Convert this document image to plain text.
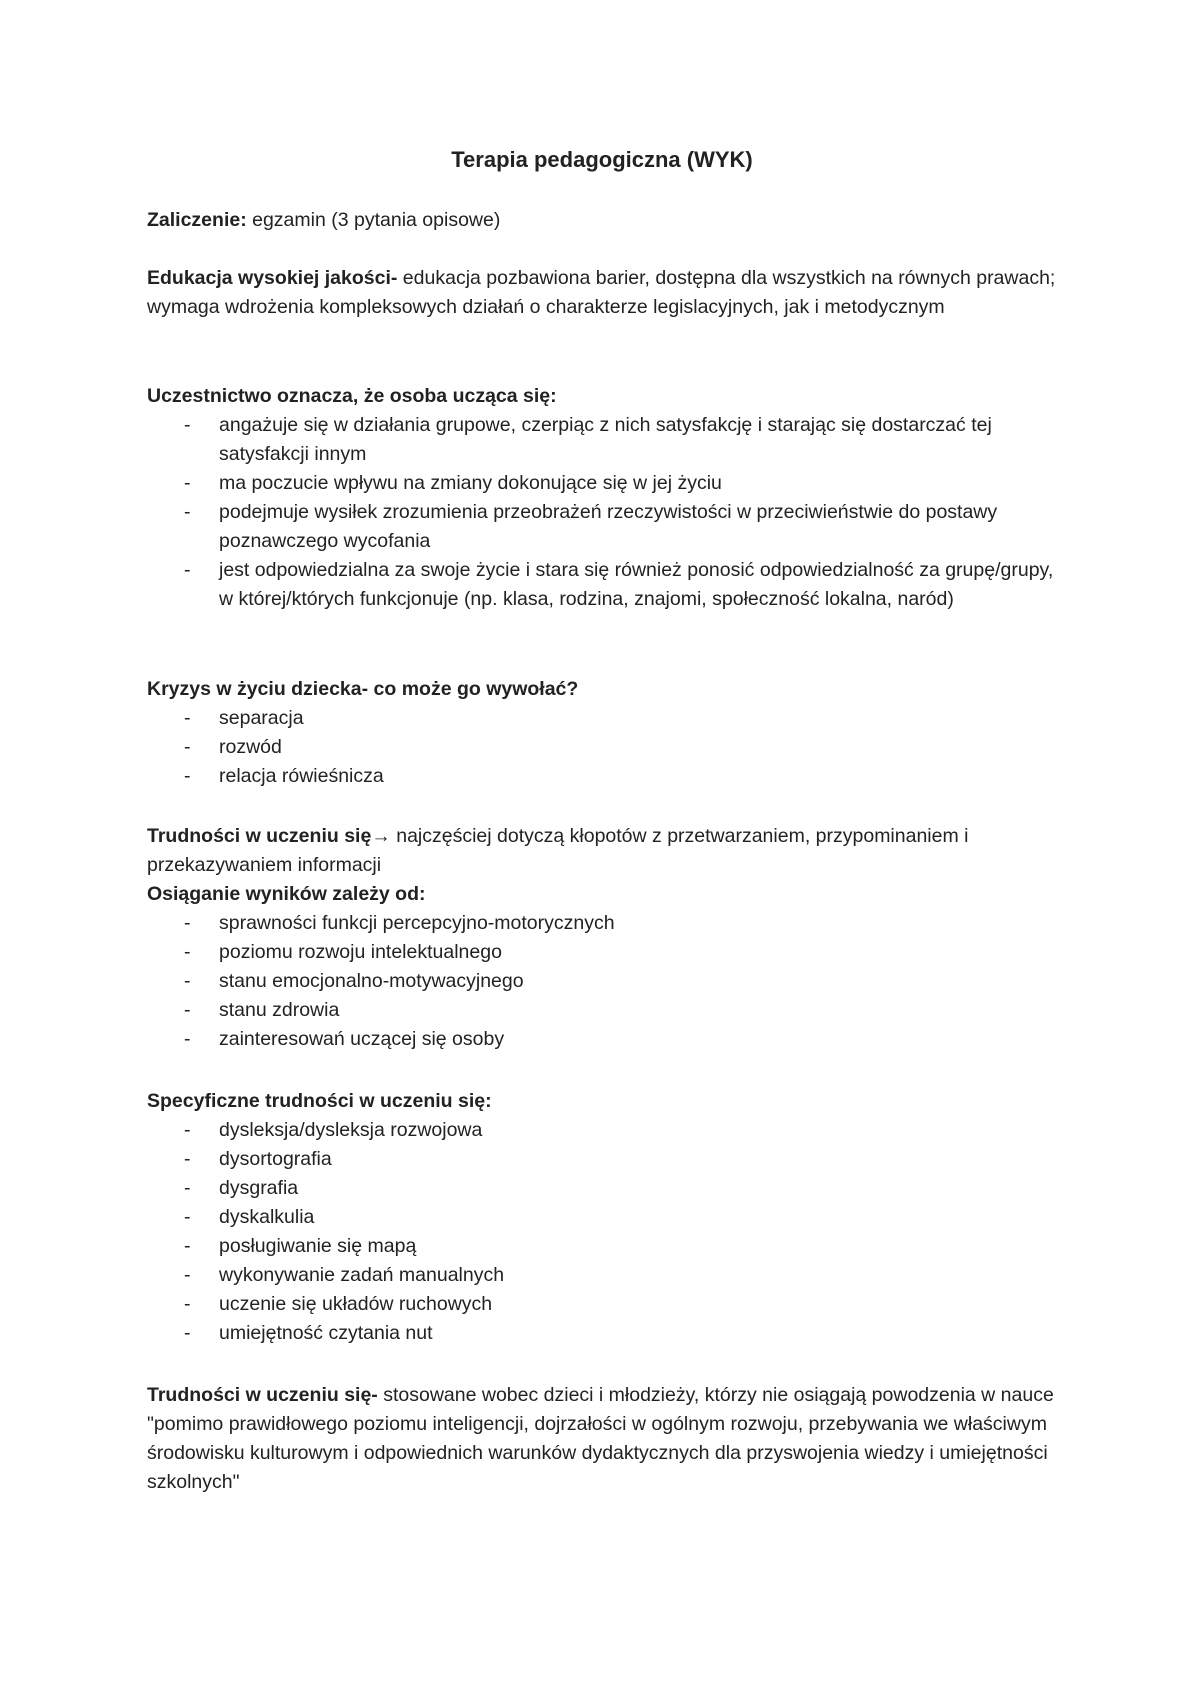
Terapia pedagogiczna (WYK)

Zaliczenie: egzamin (3 pytania opisowe)

Edukacja wysokiej jakości- edukacja pozbawiona barier, dostępna dla wszystkich na równych prawach; wymaga wdrożenia kompleksowych działań o charakterze legislacyjnych, jak i metodycznym

Uczestnictwo oznacza, że osoba ucząca się:

- angażuje się w działania grupowe, czerpiąc z nich satysfakcję i starając się dostarczać tej satysfakcji innym
- ma poczucie wpływu na zmiany dokonujące się w jej życiu
- podejmuje wysiłek zrozumienia przeobrażeń rzeczywistości w przeciwieństwie do postawy poznawczego wycofania
- jest odpowiedzialna za swoje życie i stara się również ponosić odpowiedzialność za grupę/grupy, w której/których funkcjonuje (np. klasa, rodzina, znajomi, społeczność lokalna, naród)

Kryzys w życiu dziecka- co może go wywołać?

- separacja
- rozwód
- relacja rówieśnicza

Trudności w uczeniu się→ najczęściej dotyczą kłopotów z przetwarzaniem, przypominaniem i przekazywaniem informacji

Osiąganie wyników zależy od:

- sprawności funkcji percepcyjno-motorycznych
- poziomu rozwoju intelektualnego
- stanu emocjonalno-motywacyjnego
- stanu zdrowia
- zainteresowań uczącej się osoby

Specyficzne trudności w uczeniu się:

- dysleksja/dysleksja rozwojowa
- dysortografia
- dysgrafia
- dyskalkulia
- posługiwanie się mapą
- wykonywanie zadań manualnych
- uczenie się układów ruchowych
- umiejętność czytania nut

Trudności w uczeniu się- stosowane wobec dzieci i młodzieży, którzy nie osiągają powodzenia w nauce "pomimo prawidłowego poziomu inteligencji, dojrzałości w ogólnym rozwoju, przebywania we właściwym środowisku kulturowym i odpowiednich warunków dydaktycznych dla przyswojenia wiedzy i umiejętności szkolnych"
